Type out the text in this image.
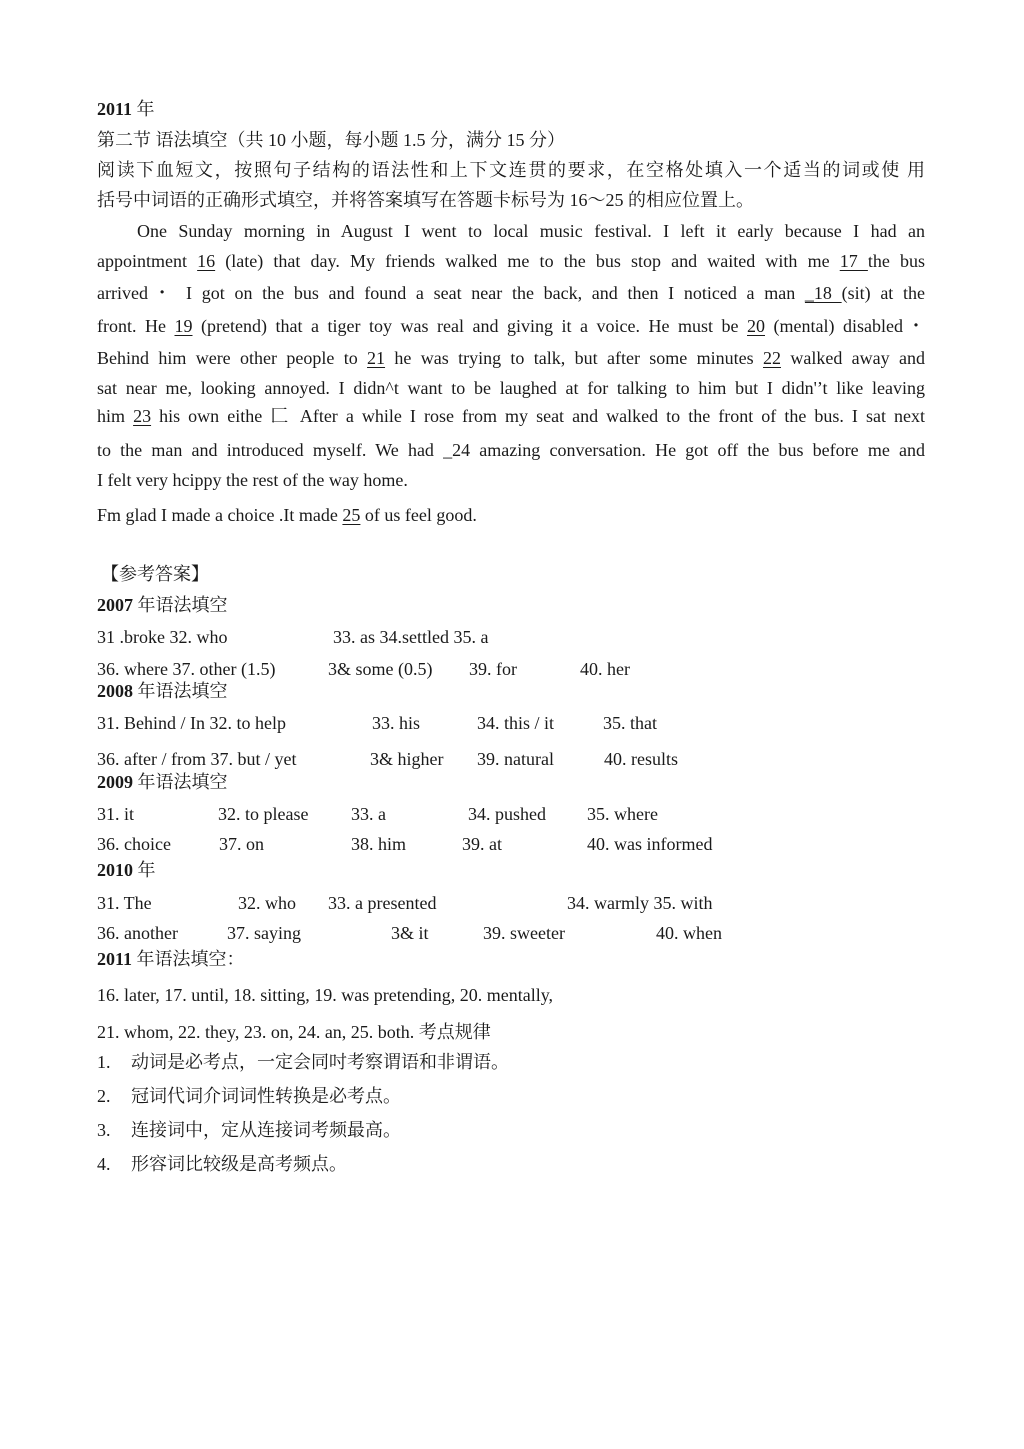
2011 年
第二节 语法填空（共 10 小题，每小题 1.5 分，满分 15 分）
阅读下血短文，按照句子结构的语法性和上下文连贯的要求，在空格处填入一个适当的词或使 用
括号中词语的正确形式填空，并将答案填写在答题卡标号为 16～25 的相应位置上。
One Sunday morning in August I went to local music festival. I left it early because I had an
appointment 16 (late) that day. My friends walked me to the bus stop and waited with me 17 the bus
arrived・ I got on the bus and found a seat near the back, and then I noticed a man _18 (sit) at the
front. He 19 (pretend) that a tiger toy was real and giving it a voice. He must be 20 (mental) disabled・
Behind him were other people to 21 he was trying to talk, but after some minutes 22 walked away and
sat near me, looking annoyed. I didn^t want to be laughed at for talking to him but I didn'’t like leaving
him 23 his own eithe 匚 After a while I rose from my seat and walked to the front of the bus. I sat next
to the man and introduced myself. We had _24 amazing conversation. He got off the bus before me and
I felt very hcippy the rest of the way home.
Fm glad I made a choice .It made 25 of us feel good.
【参考答案】
2007 年语法填空
31 .broke 32. who	33. as 34.settled 35. a
36. where 37. other (1.5)	3& some (0.5) 39. for	40. her
2008 年语法填空
31. Behind / In 32. to help	33. his	34. this / it	35. that
36. after / from 37. but / yet	3& higher 39. natural	40. results
2009 年语法填空
31. it	32. to please 33. a	34. pushed 35. where
36. choice	37. on	38. him	39. at	40. was informed
2010 年
31. The	32. who 33. a presented	34. warmly 35. with
36. another	37. saying	3& it	39. sweeter	40. when
2011 年语法填空：
16. later, 17. until, 18. sitting, 19. was pretending, 20. mentally,
21. whom, 22. they, 23. on, 24. an, 25. both. 考点规律
1. 动词是必考点，一定会同吋考察谓语和非谓语。
2. 冠词代词介词词性转换是必考点。
3. 连接词中，定从连接词考频最高。
4. 形容词比较级是高考频点。
